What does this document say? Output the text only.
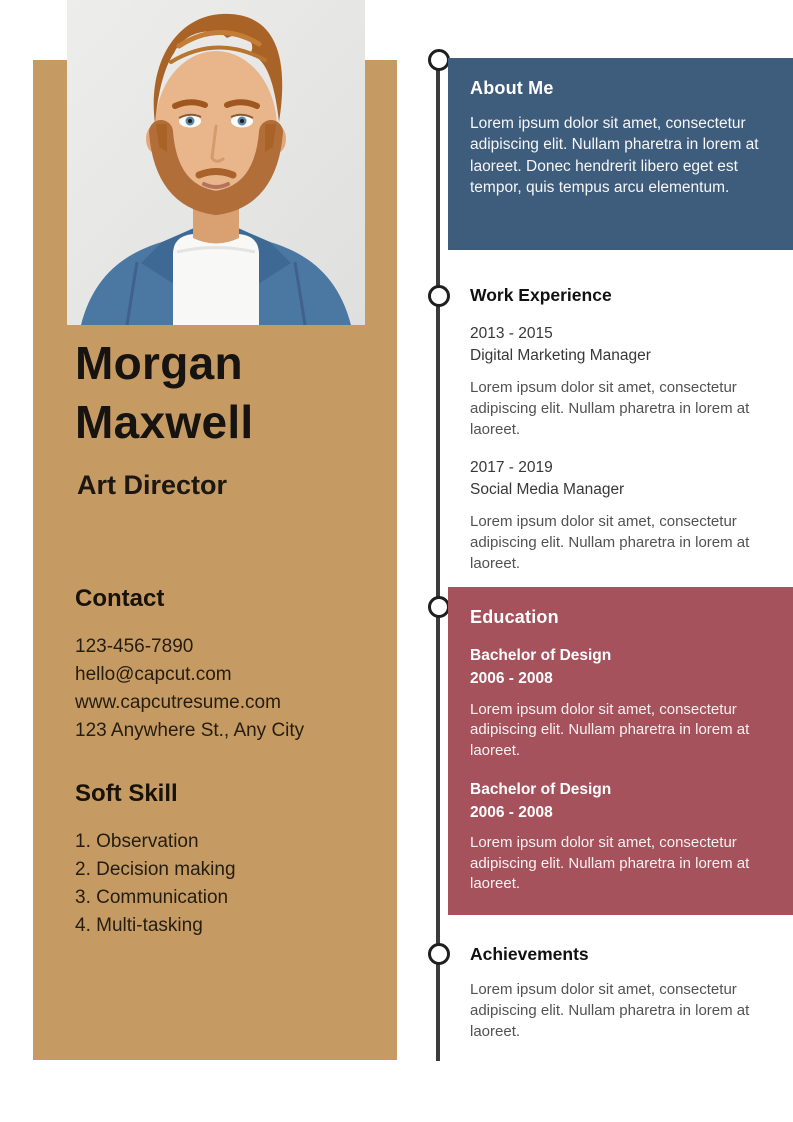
Morgan
Maxwell
Art Director
Contact
123-456-7890
hello@capcut.com
www.capcutresume.com
123 Anywhere St., Any City
Soft Skill
1. Observation
2. Decision making
3. Communication
4. Multi-tasking
About Me
Lorem ipsum dolor sit amet, consectetur adipiscing elit. Nullam pharetra in lorem at laoreet. Donec hendrerit libero eget est tempor, quis tempus arcu elementum.
Work Experience
2013 - 2015
Digital Marketing Manager
Lorem ipsum dolor sit amet, consectetur adipiscing elit. Nullam pharetra in lorem at laoreet.
2017 - 2019
Social Media Manager
Lorem ipsum dolor sit amet, consectetur adipiscing elit. Nullam pharetra in lorem at laoreet.
Education
Bachelor of Design
2006 - 2008
Lorem ipsum dolor sit amet, consectetur adipiscing elit. Nullam pharetra in lorem at laoreet.
Bachelor of Design
2006 - 2008
Lorem ipsum dolor sit amet, consectetur adipiscing elit. Nullam pharetra in lorem at laoreet.
Achievements
Lorem ipsum dolor sit amet, consectetur adipiscing elit. Nullam pharetra in lorem at laoreet.
